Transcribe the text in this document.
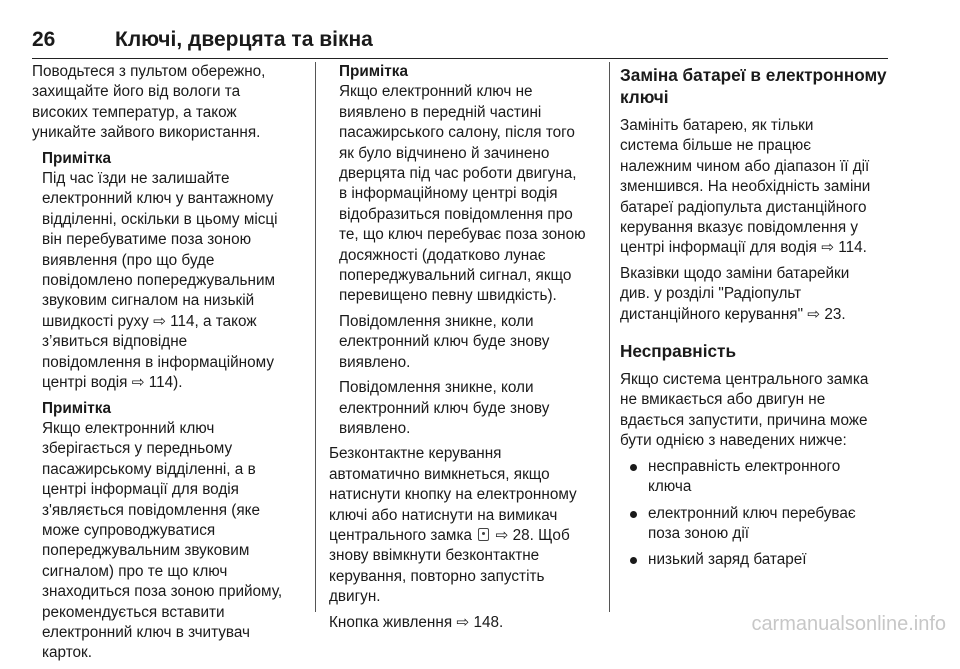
26	Ключі, дверцята та вікна
Поводьтеся з пультом обережно,
захищайте його від вологи та
високих температур, а також
уникайте зайвого використання.
Примітка
Під час їзди не залишайте
електронний ключ у вантажному
відділенні, оскільки в цьому місці
він перебуватиме поза зоною
виявлення (про що буде
повідомлено попереджувальним
звуковим сигналом на низькій
швидкості руху ⇨ 114, а також
з’явиться відповідне
повідомлення в інформаційному
центрі водія ⇨ 114).
Примітка
Якщо електронний ключ
зберігається у передньому
пасажирському відділенні, а в
центрі інформації для водія
з'являється повідомлення (яке
може супроводжуватися
попереджувальним звуковим
сигналом) про те що ключ
знаходиться поза зоною прийому,
рекомендується вставити
електронний ключ в зчитувач
карток.
Примітка
Якщо електронний ключ не
виявлено в передній частині
пасажирського салону, після того
як було відчинено й зачинено
дверцята під час роботи двигуна,
в інформаційному центрі водія
відобразиться повідомлення про
те, що ключ перебуває поза зоною
досяжності (додатково лунає
попереджувальний сигнал, якщо
перевищено певну швидкість).
Повідомлення зникне, коли
електронний ключ буде знову
виявлено.
Повідомлення зникне, коли
електронний ключ буде знову
виявлено.
Безконтактне керування
автоматично вимкнеться, якщо
натиснути кнопку на електронному
ключі або натиснути на вимикач
центрального замка  ⇨ 28. Щоб
знову ввімкнути безконтактне
керування, повторно запустіть
двигун.
Кнопка живлення ⇨ 148.
Заміна батареї в електронному
ключі
Замініть батарею, як тільки
система більше не працює
належним чином або діапазон її дії
зменшився. На необхідність заміни
батареї радіопульта дистанційного
керування вказує повідомлення у
центрі інформації для водія ⇨ 114.
Вказівки щодо заміни батарейки
див. у розділі "Радіопульт
дистанційного керування" ⇨ 23.
Несправність
Якщо система центрального замка
не вмикається або двигун не
вдається запустити, причина може
бути однією з наведених нижче:
несправність електронного
ключа
електронний ключ перебуває
поза зоною дії
низький заряд батареї
carmanualsonline.info
